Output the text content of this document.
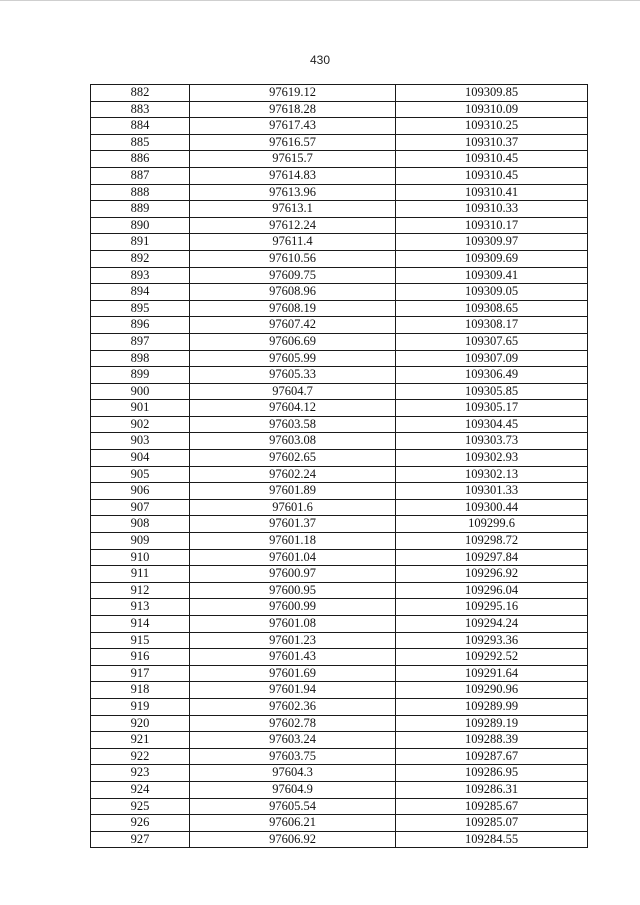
430
882	97619.12	109309.85
883	97618.28	109310.09
884	97617.43	109310.25
885	97616.57	109310.37
886	97615.7	109310.45
887	97614.83	109310.45
888	97613.96	109310.41
889	97613.1	109310.33
890	97612.24	109310.17
891	97611.4	109309.97
892	97610.56	109309.69
893	97609.75	109309.41
894	97608.96	109309.05
895	97608.19	109308.65
896	97607.42	109308.17
897	97606.69	109307.65
898	97605.99	109307.09
899	97605.33	109306.49
900	97604.7	109305.85
901	97604.12	109305.17
902	97603.58	109304.45
903	97603.08	109303.73
904	97602.65	109302.93
905	97602.24	109302.13
906	97601.89	109301.33
907	97601.6	109300.44
908	97601.37	109299.6
909	97601.18	109298.72
910	97601.04	109297.84
911	97600.97	109296.92
912	97600.95	109296.04
913	97600.99	109295.16
914	97601.08	109294.24
915	97601.23	109293.36
916	97601.43	109292.52
917	97601.69	109291.64
918	97601.94	109290.96
919	97602.36	109289.99
920	97602.78	109289.19
921	97603.24	109288.39
922	97603.75	109287.67
923	97604.3	109286.95
924	97604.9	109286.31
925	97605.54	109285.67
926	97606.21	109285.07
927	97606.92	109284.55
